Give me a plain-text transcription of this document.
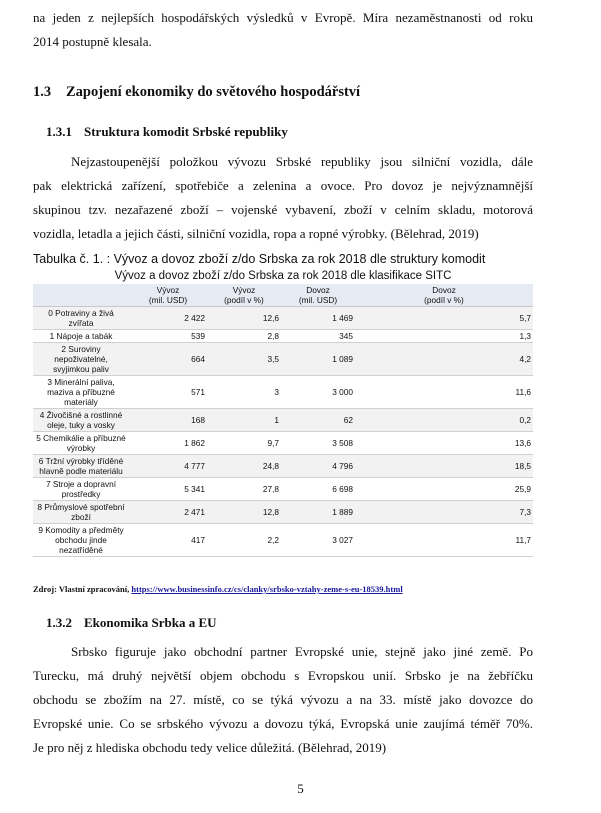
na jeden z nejlepších hospodářských výsledků v Evropě. Míra nezaměstnanosti od roku
2014 postupně klesala.
1.3 Zapojení ekonomiky do světového hospodářství
1.3.1 Struktura komodit Srbské republiky
Nejzastoupenější položkou vývozu Srbské republiky jsou silniční vozidla, dále
pak elektrická zařízení, spotřebiče a zelenina a ovoce. Pro dovoz je nejvýznamnější
skupinou tzv. nezařazené zboží – vojenské vybavení, zboží v celním skladu, motorová
vozidla, letadla a jejich části, silniční vozidla, ropa a ropné výrobky. (Bělehrad, 2019)

Tabulka č. 1. : Vývoz a dovoz zboží z/do Srbska za rok 2018 dle struktury komodit

Vývoz a dovoz zboží z/do Srbska za rok 2018 dle klasifikace SITC
	Vývoz
(mil. USD)	Vývoz
(podíl v %)	Dovoz
(mil. USD)	Dovoz
(podíl v %)
0 Potraviny a živá zvířata	2 422	12,6	1 469	5,7
1 Nápoje a tabák	539	2,8	345	1,3
2 Suroviny nepoživatelné, svyjimkou paliv	664	3,5	1 089	4,2
3 Minerální paliva, maziva a příbuzné materiály	571	3	3 000	11,6
4 Živočišné a rostlinné oleje, tuky a vosky	168	1	62	0,2
5 Chemikálie a příbuzné výrobky	1 862	9,7	3 508	13,6
6 Tržní výrobky tříděné hlavně podle materiálu	4 777	24,8	4 796	18,5
7 Stroje a dopravní prostředky	5 341	27,8	6 698	25,9
8 Průmyslové spotřební zboží	2 471	12,8	1 889	7,3
9 Komodity a předměty obchodu jinde nezatříděné	417	2,2	3 027	11,7

Zdroj: Vlastní zpracování, https://www.businessinfo.cz/cs/clanky/srbsko-vztahy-zeme-s-eu-18539.html

1.3.2 Ekonomika Srbka a EU
Srbsko figuruje jako obchodní partner Evropské unie, stejně jako jiné země. Po
Turecku, má druhý největší objem obchodu s Evropskou unií. Srbsko je na žebříčku
obchodu se zbožím na 27. místě, co se týká vývozu a na 33. místě jako dovozce do
Evropské unie. Co se srbského vývozu a dovozu týká, Evropská unie zaujímá téměř 70%.
Je pro něj z hlediska obchodu tedy velice důležitá. (Bělehrad, 2019)
5
